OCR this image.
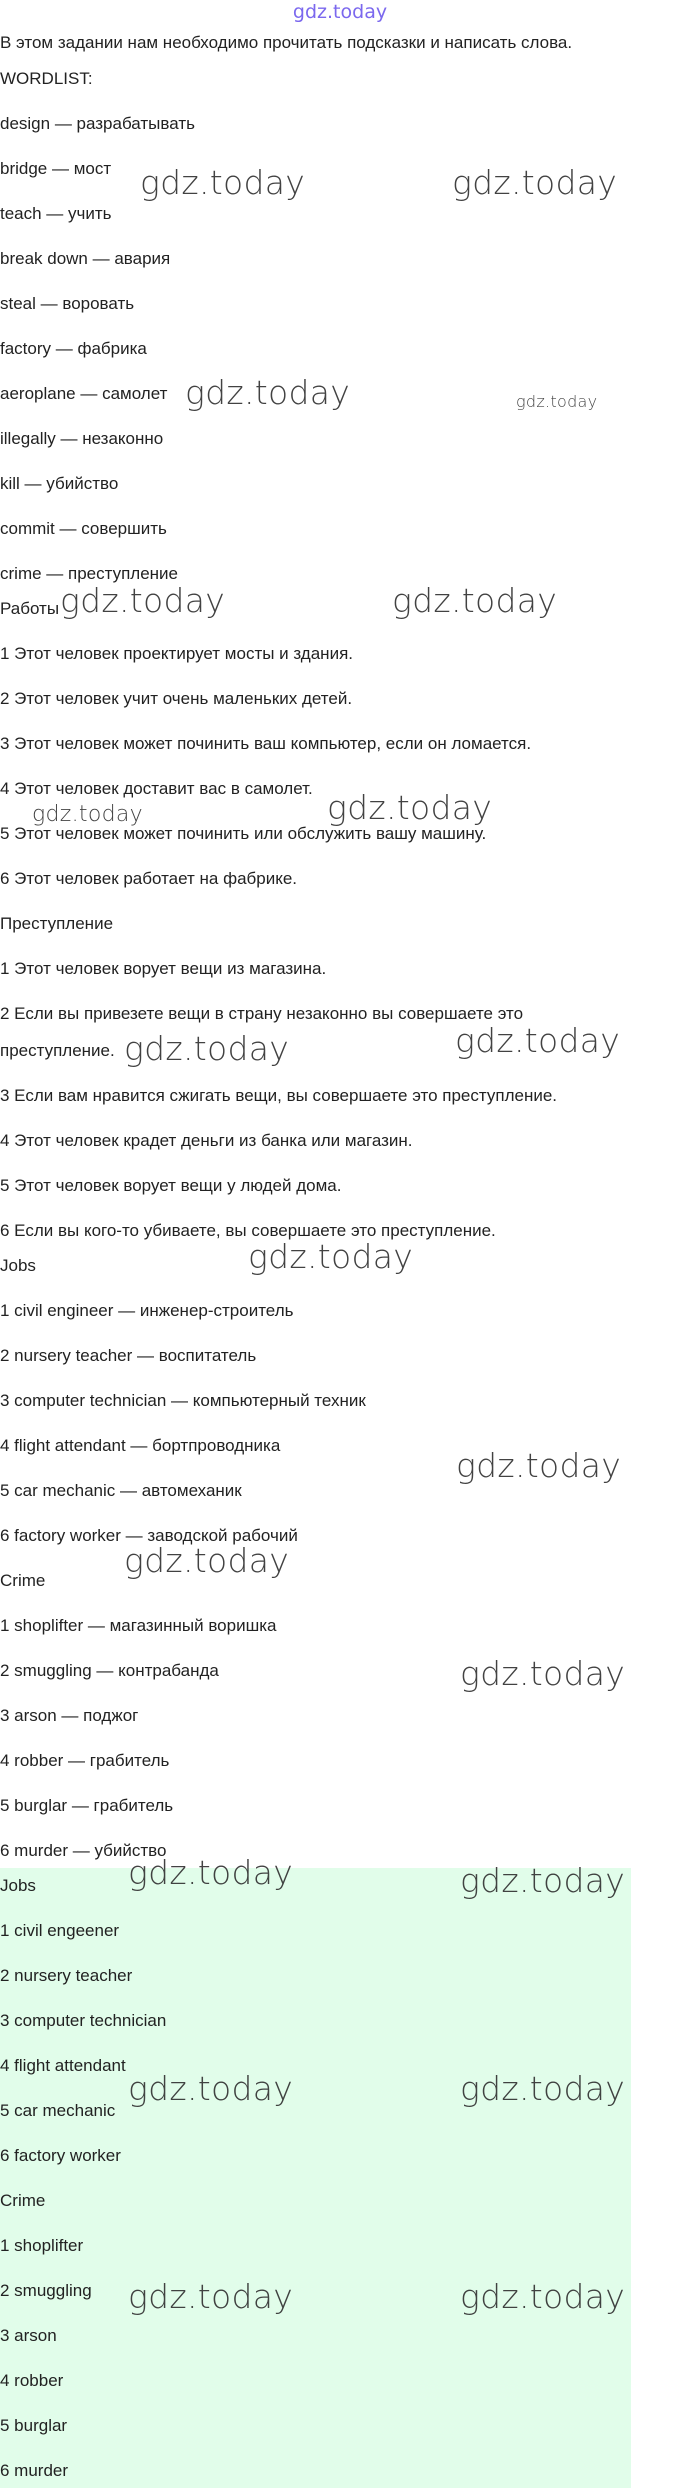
gdz.today
В этом задании нам необходимо прочитать подсказки и написать слова.
WORDLIST:
design — разрабатывать
bridge — мост
teach — учить
break down — авария
steal — воровать
factory — фабрика
aeroplane — самолет
illegally — незаконно
kill — убийство
commit — совершить
crime — преступление
Работы
1 Этот человек проектирует мосты и здания.
2 Этот человек учит очень маленьких детей.
3 Этот человек может починить ваш компьютер, если он ломается.
4 Этот человек доставит вас в самолет.
5 Этот человек может починить или обслужить вашу машину.
6 Этот человек работает на фабрике.
Преступление
1 Этот человек ворует вещи из магазина.
2 Если вы привезете вещи в страну незаконно вы совершаете это
преступление.
3 Если вам нравится сжигать вещи, вы совершаете это преступление.
4 Этот человек крадет деньги из банка или магазин.
5 Этот человек ворует вещи у людей дома.
6 Если вы кого-то убиваете, вы совершаете это преступление.
Jobs
1 civil engineer — инженер-строитель
2 nursery teacher — воспитатель
3 computer technician — компьютерный техник
4 flight attendant — бортпроводника
5 car mechanic — автомеханик
6 factory worker — заводской рабочий
Crime
1 shoplifter — магазинный воришка
2 smuggling — контрабанда
3 arson — поджог
4 robber — грабитель
5 burglar — грабитель
6 murder — убийство
Jobs
1 civil engeener
2 nursery teacher
3 computer technician
4 flight attendant
5 car mechanic
6 factory worker
Crime
1 shoplifter
2 smuggling
3 arson
4 robber
5 burglar
6 murder
gdz.today	gdz.today
gdz.today	gdz.today
gdz.today	gdz.today
gdz.today	gdz.today
gdz.today	gdz.today
gdz.today
gdz.today
gdz.today
gdz.today
gdz.today	gdz.today
gdz.today	gdz.today
gdz.today	gdz.today
